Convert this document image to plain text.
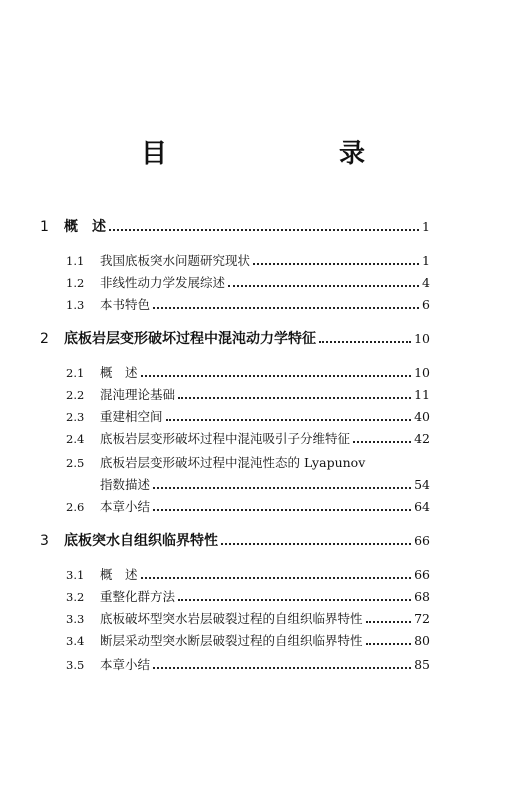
目　　录
1	概　述	1
1.1	我国底板突水问题研究现状	1
1.2	非线性动力学发展综述	4
1.3	本书特色	6
2	底板岩层变形破坏过程中混沌动力学特征	10
2.1	概　述	10
2.2	混沌理论基础	11
2.3	重建相空间	40
2.4	底板岩层变形破坏过程中混沌吸引子分维特征	42
2.5	底板岩层变形破坏过程中混沌性态的 Lyapunov
指数描述	54
2.6	本章小结	64
3	底板突水自组织临界特性	66
3.1	概　述	66
3.2	重整化群方法	68
3.3	底板破坏型突水岩层破裂过程的自组织临界特性	72
3.4	断层采动型突水断层破裂过程的自组织临界特性	80
3.5	本章小结	85
